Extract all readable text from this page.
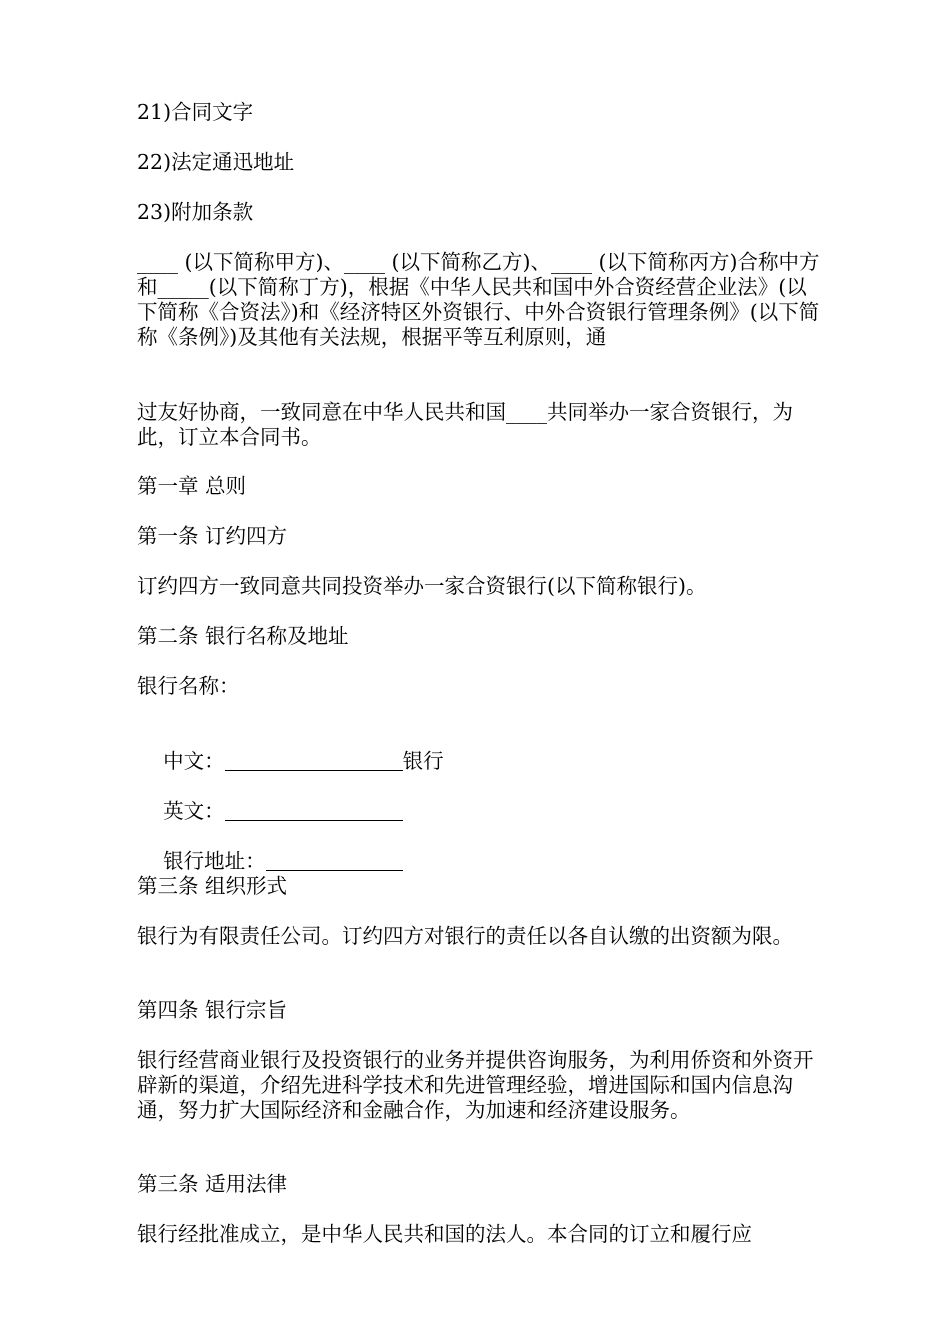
21)合同文字

22)法定通迅地址

23)附加条款

____ (以下简称甲方)、____ (以下简称乙方)、____ (以下简称丙方)合称中方和_____(以下简称丁方)，根据《中华人民共和国中外合资经营企业法》(以下简称《合资法》)和《经济特区外资银行、中外合资银行管理条例》(以下简称《条例》)及其他有关法规，根据平等互利原则，通

过友好协商，一致同意在中华人民共和国____共同举办一家合资银行，为此，订立本合同书。

第一章 总则

第一条 订约四方

订约四方一致同意共同投资举办一家合资银行(以下简称银行)。

第二条 银行名称及地址

银行名称：

中文：	银行

英文：

银行地址：

第三条 组织形式

银行为有限责任公司。订约四方对银行的责任以各自认缴的出资额为限。

第四条 银行宗旨

银行经营商业银行及投资银行的业务并提供咨询服务，为利用侨资和外资开辟新的渠道，介绍先进科学技术和先进管理经验，增进国际和国内信息沟通，努力扩大国际经济和金融合作，为加速和经济建设服务。

第三条 适用法律

银行经批准成立，是中华人民共和国的法人。本合同的订立和履行应
